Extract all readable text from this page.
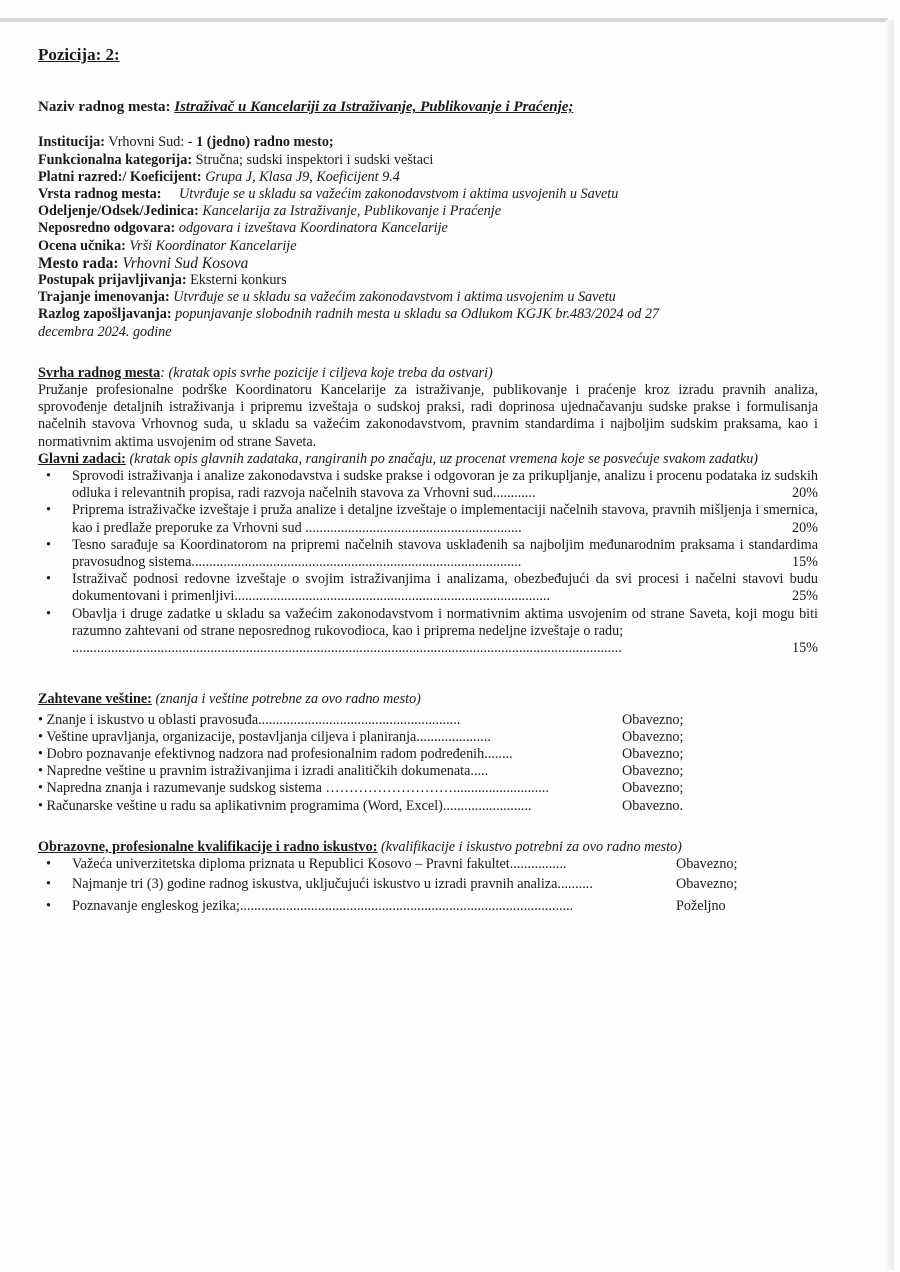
Pozicija: 2:
Naziv radnog mesta: Istraživač u Kancelariji za Istraživanje, Publikovanje i Praćenje;
Institucija: Vrhovni Sud: - 1 (jedno) radno mesto;
Funkcionalna kategorija: Stručna; sudski inspektori i sudski veštaci
Platni razred:/ Koeficijent: Grupa J, Klasa J9, Koeficijent 9.4
Vrsta radnog mesta: Utvrđuje se u skladu sa važećim zakonodavstvom i aktima usvojenih u Savetu
Odeljenje/Odsek/Jedinica: Kancelarija za Istraživanje, Publikovanje i Praćenje
Neposredno odgovara: odgovara i izveštava Koordinatora Kancelarije
Ocena učnika: Vrši Koordinator Kancelarije
Mesto rada: Vrhovni Sud Kosova
Postupak prijavljivanja: Eksterni konkurs
Trajanje imenovanja: Utvrđuje se u skladu sa važećim zakonodavstvom i aktima usvojenim u Savetu
Razlog zapošljavanja: popunjavanje slobodnih radnih mesta u skladu sa Odlukom KGJK br.483/2024 od 27
decembra 2024. godine
Svrha radnog mesta: (kratak opis svrhe pozicije i ciljeva koje treba da ostvari)
Pružanje profesionalne podrške Koordinatoru Kancelarije za istraživanje, publikovanje i praćenje kroz izradu pravnih analiza, sprovođenje detaljnih istraživanja i pripremu izveštaja o sudskoj praksi, radi doprinosa ujednačavanju sudske prakse i formulisanja načelnih stavova Vrhovnog suda, u skladu sa važećim zakonodavstvom, pravnim standardima i najboljim sudskim praksama, kao i normativnim aktima usvojenim od strane Saveta.
Glavni zadaci: (kratak opis glavnih zadataka, rangiranih po značaju, uz procenat vremena koje se posvećuje svakom zadatku)
• Sprovodi istraživanja i analize zakonodavstva i sudske prakse i odgovoran je za prikupljanje, analizu i procenu podataka iz sudskih odluka i relevantnih propisa, radi razvoja načelnih stavova za Vrhovni sud............	20%
• Priprema istraživačke izveštaje i pruža analize i detaljne izveštaje o implementaciji načelnih stavova, pravnih mišljenja i smernica, kao i predlaže preporuke za Vrhovni sud .............................................................	20%
• Tesno sarađuje sa Koordinatorom na pripremi načelnih stavova usklađenih sa najboljim međunarodnim praksama i standardima pravosudnog sistema.............................................................................................	15%
• Istraživač podnosi redovne izveštaje o svojim istraživanjima i analizama, obezbeđujući da svi procesi i načelni stavovi budu dokumentovani i primenljivi.........................................................................................	25%
• Obavlja i druge zadatke u skladu sa važećim zakonodavstvom i normativnim aktima usvojenim od strane Saveta, koji mogu biti razumno zahtevani od strane neposrednog rukovodioca, kao i priprema nedeljne izveštaje o radu;
...........................................................................................................................................................	15%
Zahtevane veštine: (znanja i veštine potrebne za ovo radno mesto)
• Znanje i iskustvo u oblasti pravosuđa.........................................................	Obavezno;
• Veštine upravljanja, organizacije, postavljanja ciljeva i planiranja.....................	Obavezno;
• Dobro poznavanje efektivnog nadzora nad profesionalnim radom podređenih........	Obavezno;
• Napredne veštine u pravnim istraživanjima i izradi analitičkih dokumenata.....	Obavezno;
• Napredna znanja i razumevanje sudskog sistema ………………………...........................	Obavezno;
• Računarske veštine u radu sa aplikativnim programima (Word, Excel).........................	Obavezno.
Obrazovne, profesionalne kvalifikacije i radno iskustvo: (kvalifikacije i iskustvo potrebni za ovo radno mesto)
• Važeća univerzitetska diploma priznata u Republici Kosovo – Pravni fakultet................	Obavezno;
• Najmanje tri (3) godine radnog iskustva, uključujući iskustvo u izradi pravnih analiza..........	Obavezno;
• Poznavanje engleskog jezika;..............................................................................................	Poželjno
